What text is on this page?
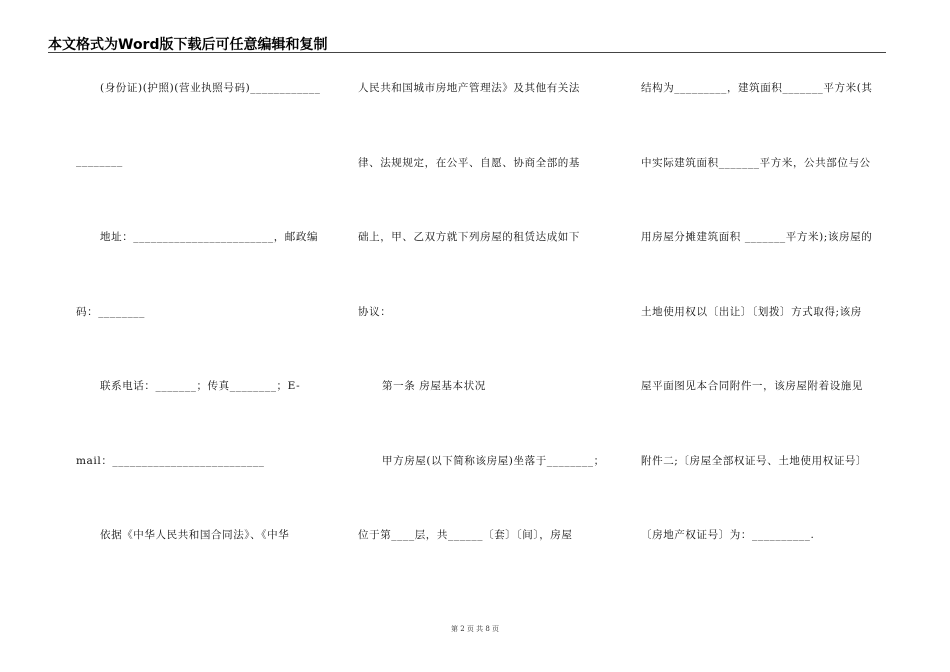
本文格式为Word版下载后可任意编辑和复制
(身份证)(护照)(营业执照号码)____________
________
地址：________________________，邮政编
码：________
联系电话：_______；传真________；E-
mail：__________________________
依据《中华人民共和国合同法》、《中华
人民共和国城市房地产管理法》及其他有关法
律、法规规定，在公平、自愿、协商全部的基
础上，甲、乙双方就下列房屋的租赁达成如下
协议：
第一条 房屋基本状况
甲方房屋(以下简称该房屋)坐落于________；
位于第____层，共______〔套〕〔间〕，房屋
结构为_________，建筑面积_______平方米(其
中实际建筑面积_______平方米，公共部位与公
用房屋分摊建筑面积 _______平方米);该房屋的
土地使用权以〔出让〕〔划拨〕方式取得;该房
屋平面图见本合同附件一，该房屋附着设施见
附件二;〔房屋全部权证号、土地使用权证号〕
〔房地产权证号〕为：__________.
第 2 页 共 8 页
